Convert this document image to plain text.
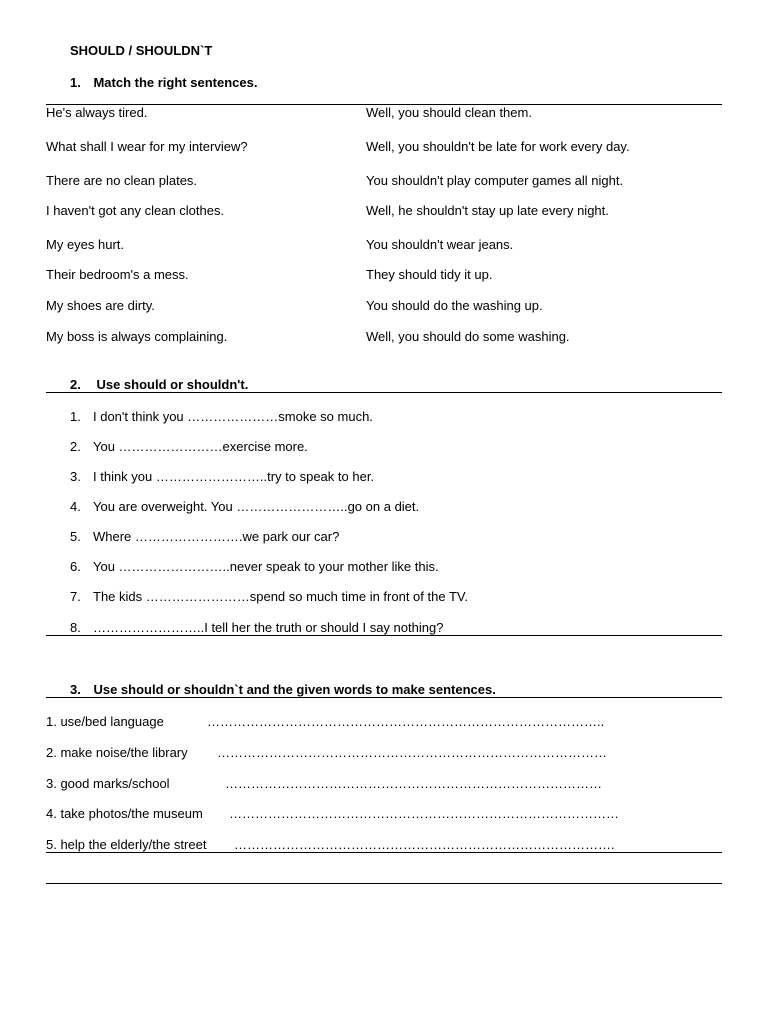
SHOULD / SHOULDN`T
1. Match the right sentences.
He's always tired.
What shall I wear for my interview?
There are no clean plates.
I haven't got any clean clothes.
My eyes hurt.
Their bedroom's a mess.
My shoes are dirty.
My boss is always complaining.
Well, you should clean them.
Well, you shouldn't be late for work every day.
You shouldn't play computer games all night.
Well, he shouldn't stay up late every night.
You shouldn't wear jeans.
They should tidy it up.
You should do the washing up.
Well, you should do some washing.
2. Use should or shouldn't.
1. I don't think you …………………smoke so much.
2. You ……………………exercise more.
3. I think you ……………………..try to speak to her.
4. You are overweight. You ……………………..go on a diet.
5. Where …………………….we park our car?
6. You ……………………..never speak to your mother like this.
7. The kids ……………………spend so much time in front of the TV.
8. ……………………..I tell her the truth or should I say nothing?
3. Use should or shouldn`t and the given words to make sentences.
1. use/bed language	………………………………………………………………………………..
2. make noise/the library ………………………………………………………………………………
3. good marks/school	……………………………………………………………………………
4. take photos/the museum ………………………………………………………………………………
5. help the elderly/the street …………………………………………………………………………….
